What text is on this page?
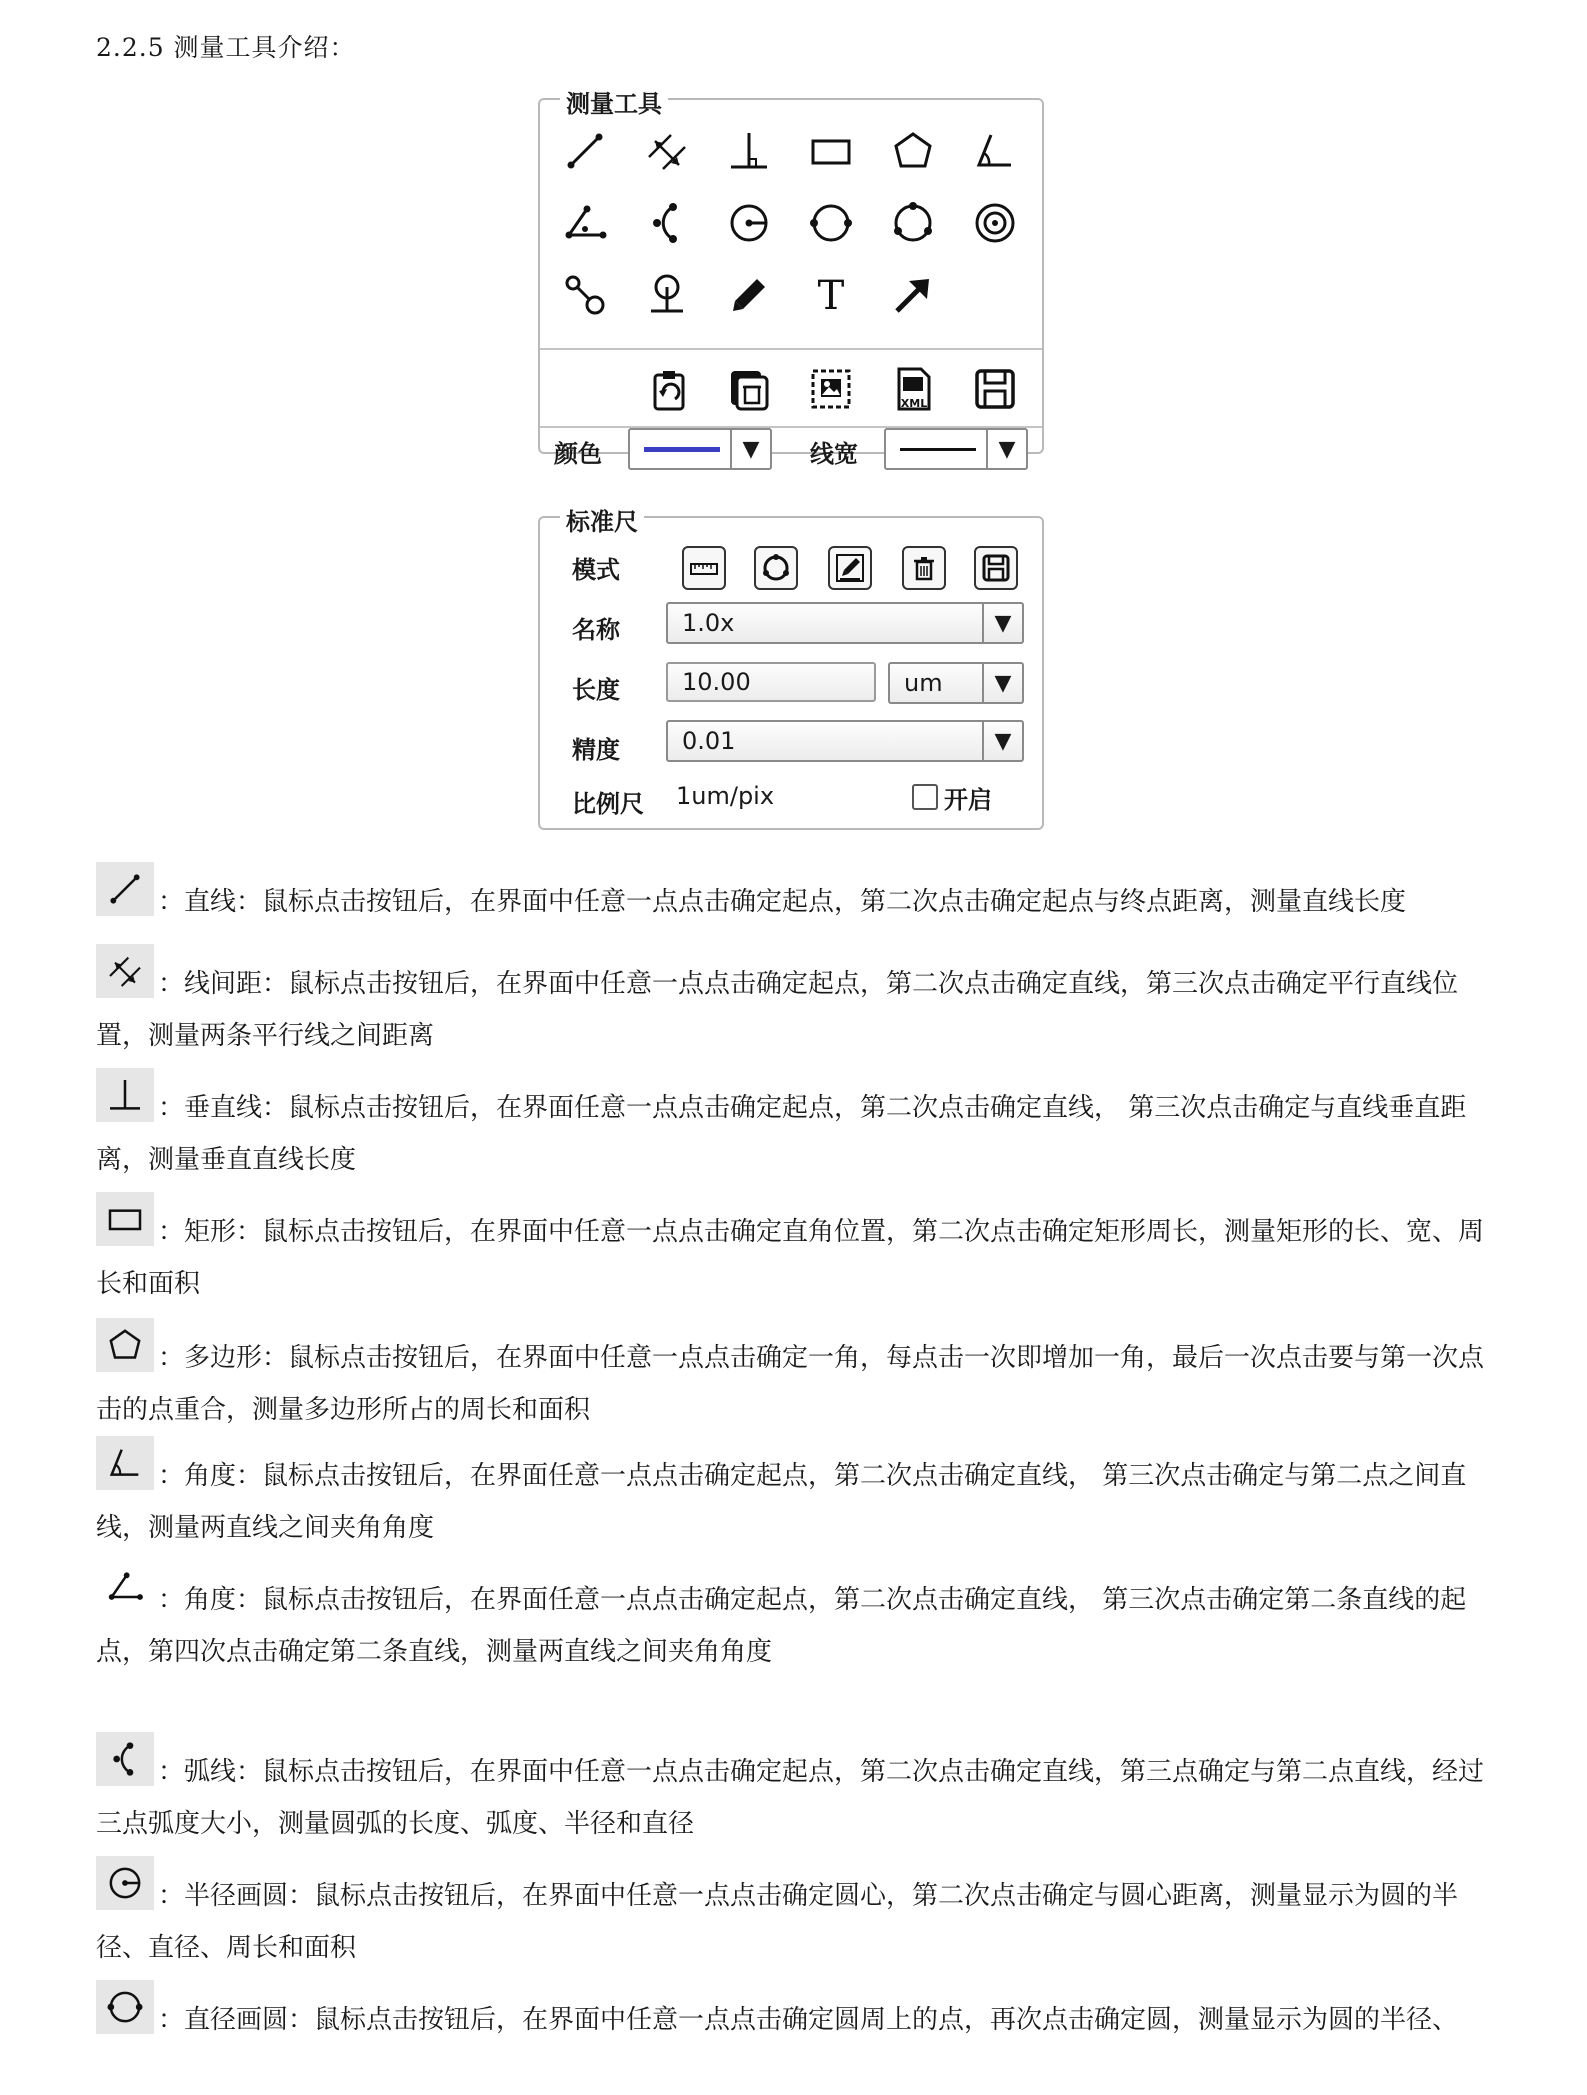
2.2.5 测量工具介绍：
测量工具
T
XML
颜色	▼	线宽	▼
标准尺
模式
名称	1.0x	▼
长度	10.00	um	▼
精度	0.01	▼
比例尺 1um/pix	开启
：直线：鼠标点击按钮后，在界面中任意一点点击确定起点，第二次点击确定起点与终点距离，测量直线长度
：线间距：鼠标点击按钮后，在界面中任意一点点击确定起点，第二次点击确定直线，第三次点击确定平行直线位置，测量两条平行线之间距离
：垂直线：鼠标点击按钮后，在界面任意一点点击确定起点，第二次点击确定直线， 第三次点击确定与直线垂直距离，测量垂直直线长度
：矩形：鼠标点击按钮后，在界面中任意一点点击确定直角位置，第二次点击确定矩形周长，测量矩形的长、宽、周长和面积
：多边形：鼠标点击按钮后，在界面中任意一点点击确定一角，每点击一次即增加一角，最后一次点击要与第一次点击的点重合，测量多边形所占的周长和面积
：角度：鼠标点击按钮后，在界面任意一点点击确定起点，第二次点击确定直线， 第三次点击确定与第二点之间直线，测量两直线之间夹角角度
：角度：鼠标点击按钮后，在界面任意一点点击确定起点，第二次点击确定直线， 第三次点击确定第二条直线的起点，第四次点击确定第二条直线，测量两直线之间夹角角度
：弧线：鼠标点击按钮后，在界面中任意一点点击确定起点，第二次点击确定直线，第三点确定与第二点直线，经过三点弧度大小，测量圆弧的长度、弧度、半径和直径
：半径画圆：鼠标点击按钮后，在界面中任意一点点击确定圆心，第二次点击确定与圆心距离，测量显示为圆的半径、直径、周长和面积
：直径画圆：鼠标点击按钮后，在界面中任意一点点击确定圆周上的点，再次点击确定圆，测量显示为圆的半径、
